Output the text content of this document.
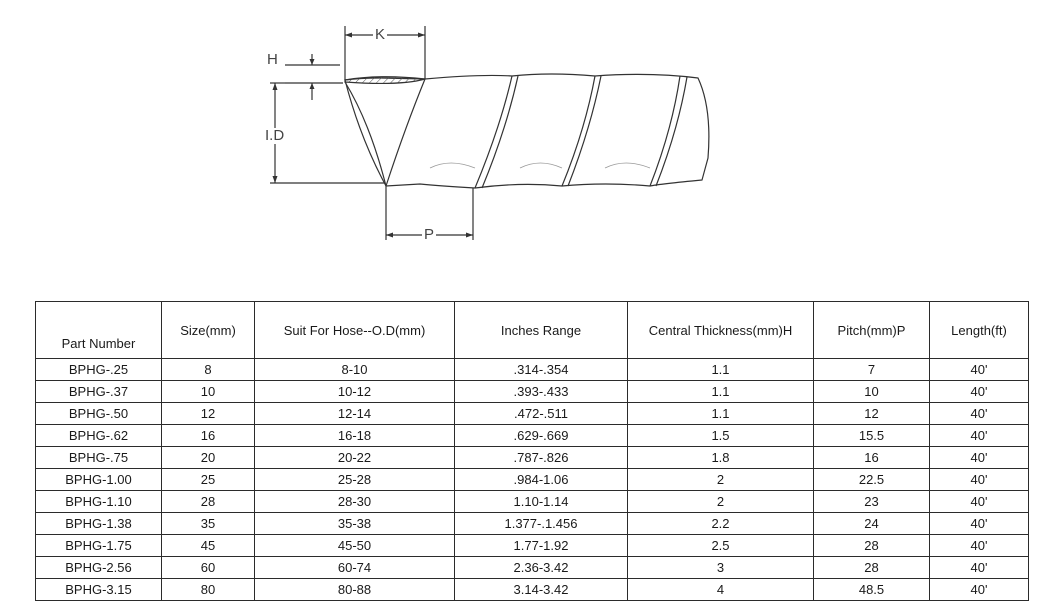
K
H
I.D
P
Part Number	Size(mm)	Suit For Hose--O.D(mm)	Inches Range	Central Thickness(mm)H	Pitch(mm)P	Length(ft)
BPHG-.25	8	8-10	.314-.354	1.1	7	40'
BPHG-.37	10	10-12	.393-.433	1.1	10	40'
BPHG-.50	12	12-14	.472-.511	1.1	12	40'
BPHG-.62	16	16-18	.629-.669	1.5	15.5	40'
BPHG-.75	20	20-22	.787-.826	1.8	16	40'
BPHG-1.00	25	25-28	.984-1.06	2	22.5	40'
BPHG-1.10	28	28-30	1.10-1.14	2	23	40'
BPHG-1.38	35	35-38	1.377-.1.456	2.2	24	40'
BPHG-1.75	45	45-50	1.77-1.92	2.5	28	40'
BPHG-2.56	60	60-74	2.36-3.42	3	28	40'
BPHG-3.15	80	80-88	3.14-3.42	4	48.5	40'
